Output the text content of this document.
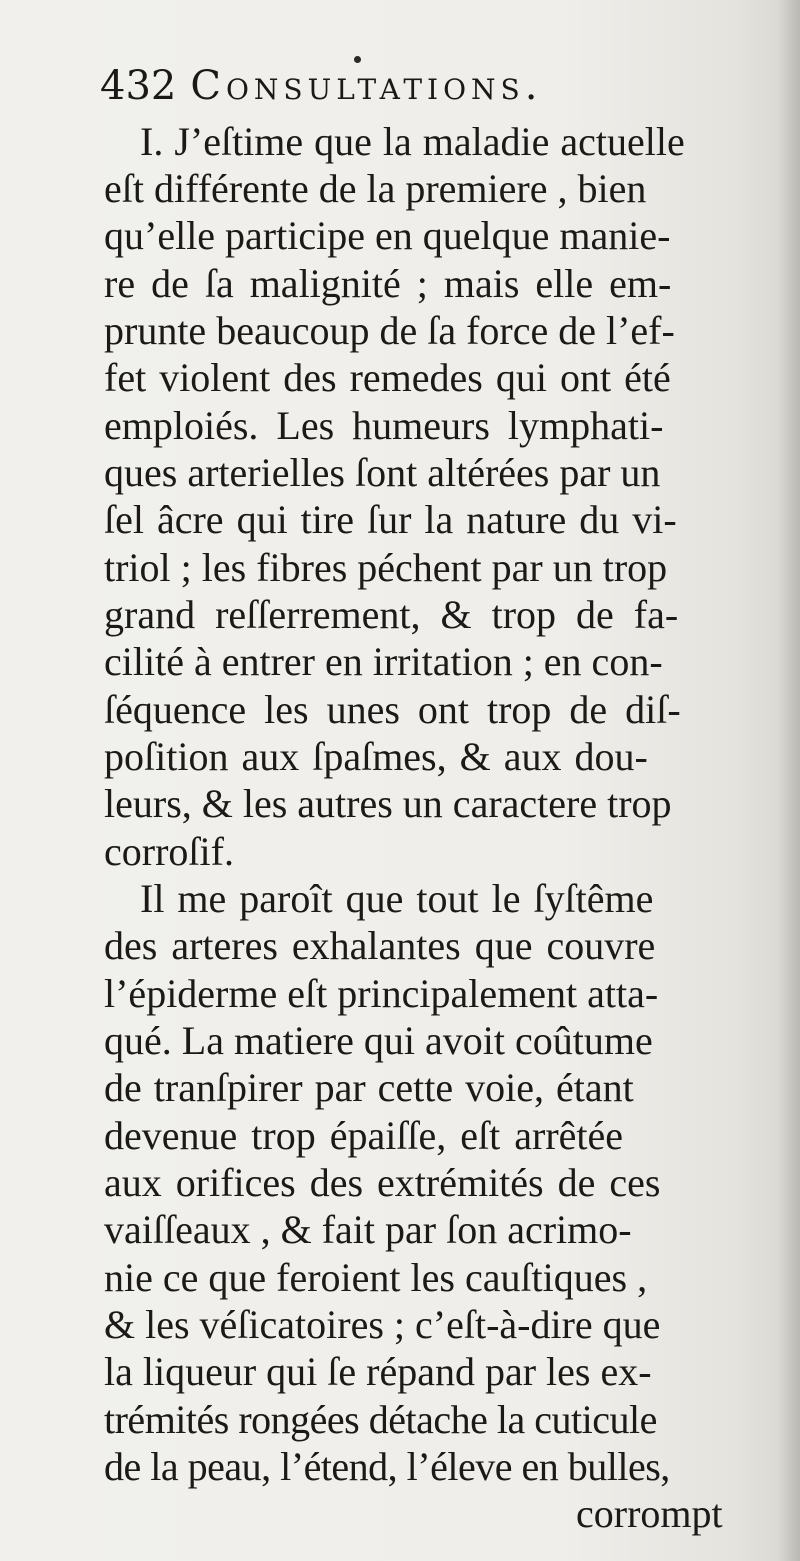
432 Consultations.
I. J’eſtime que la maladie actuelle
eſt différente de la premiere , bien
qu’elle participe en quelque manie-
re de ſa malignité ; mais elle em-
prunte beaucoup de ſa force de l’ef-
fet violent des remedes qui ont été
emploiés. Les humeurs lymphati-
ques arterielles ſont altérées par un
ſel âcre qui tire ſur la nature du vi-
triol ; les fibres péchent par un trop
grand reſſerrement, & trop de fa-
cilité à entrer en irritation ; en con-
ſéquence les unes ont trop de diſ-
poſition aux ſpaſmes, & aux dou-
leurs, & les autres un caractere trop
corroſif.
Il me paroît que tout le ſyſtême
des arteres exhalantes que couvre
l’épiderme eſt principalement atta-
qué. La matiere qui avoit coûtume
de tranſpirer par cette voie, étant
devenue trop épaiſſe, eſt arrêtée
aux orifices des extrémités de ces
vaiſſeaux , & fait par ſon acrimo-
nie ce que feroient les cauſtiques ,
& les véſicatoires ; c’eſt-à-dire que
la liqueur qui ſe répand par les ex-
trémités rongées détache la cuticule
de la peau, l’étend, l’éleve en bulles,
corrompt
